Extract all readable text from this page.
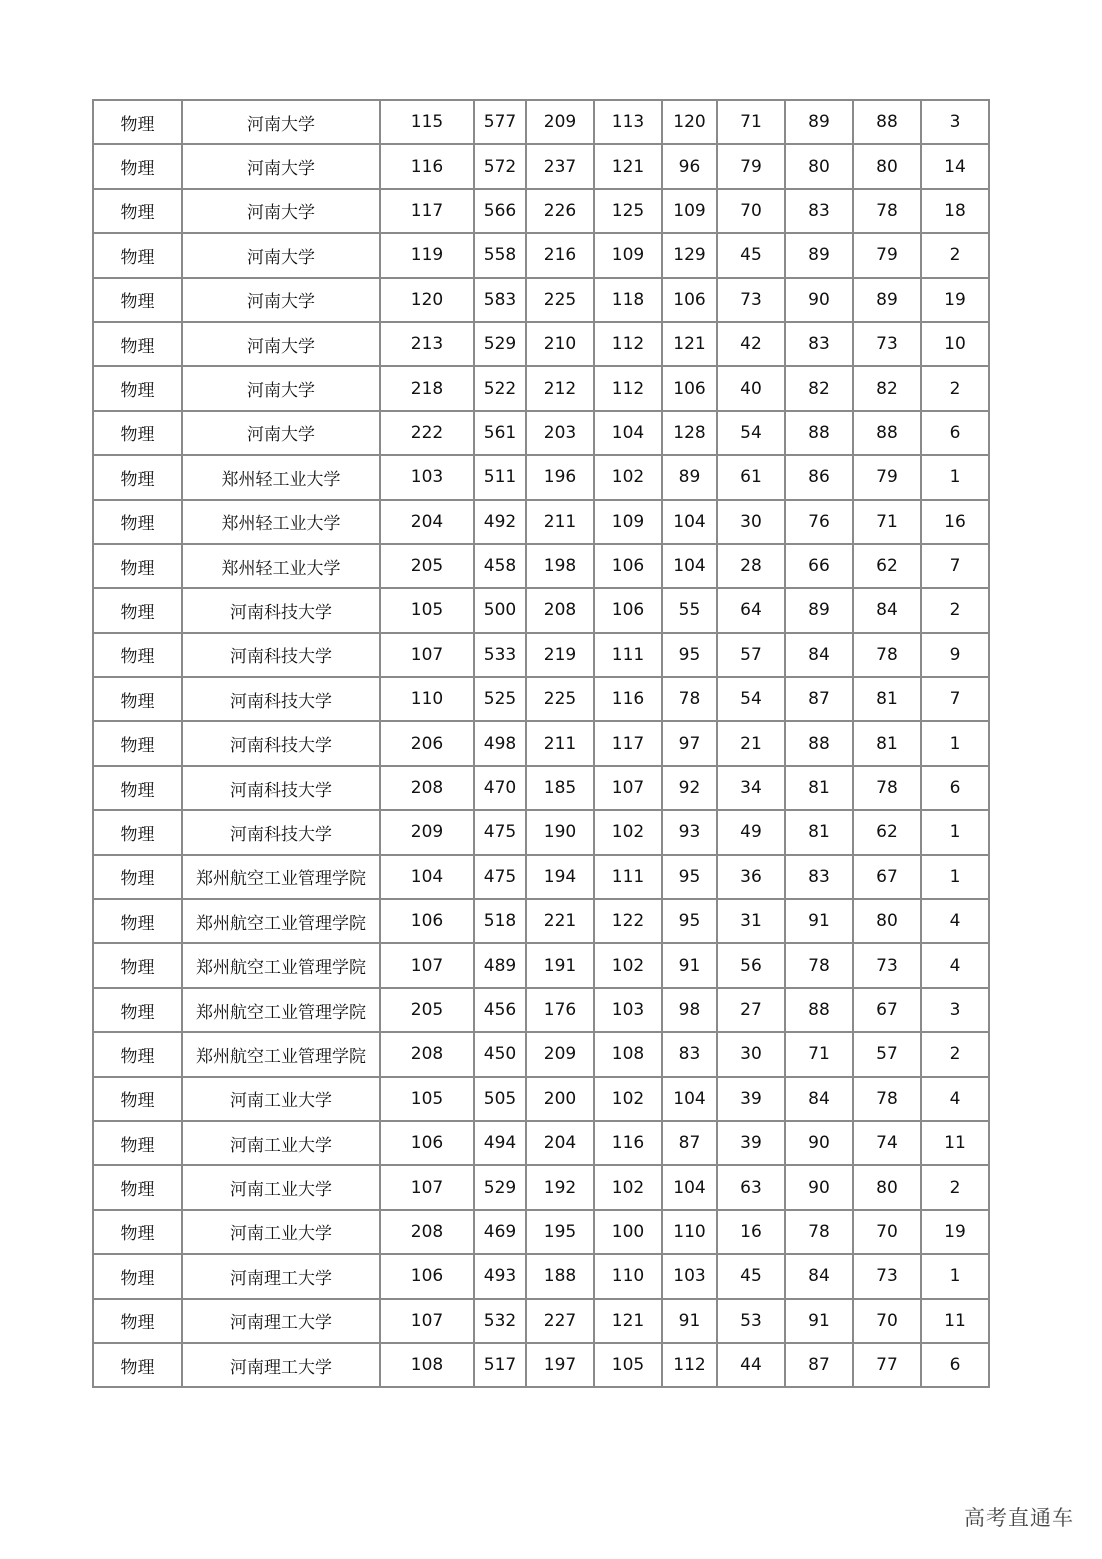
物理	河南大学	115	577	209	113	120	71	89	88	3
物理	河南大学	116	572	237	121	96	79	80	80	14
物理	河南大学	117	566	226	125	109	70	83	78	18
物理	河南大学	119	558	216	109	129	45	89	79	2
物理	河南大学	120	583	225	118	106	73	90	89	19
物理	河南大学	213	529	210	112	121	42	83	73	10
物理	河南大学	218	522	212	112	106	40	82	82	2
物理	河南大学	222	561	203	104	128	54	88	88	6
物理	郑州轻工业大学	103	511	196	102	89	61	86	79	1
物理	郑州轻工业大学	204	492	211	109	104	30	76	71	16
物理	郑州轻工业大学	205	458	198	106	104	28	66	62	7
物理	河南科技大学	105	500	208	106	55	64	89	84	2
物理	河南科技大学	107	533	219	111	95	57	84	78	9
物理	河南科技大学	110	525	225	116	78	54	87	81	7
物理	河南科技大学	206	498	211	117	97	21	88	81	1
物理	河南科技大学	208	470	185	107	92	34	81	78	6
物理	河南科技大学	209	475	190	102	93	49	81	62	1
物理	郑州航空工业管理学院	104	475	194	111	95	36	83	67	1
物理	郑州航空工业管理学院	106	518	221	122	95	31	91	80	4
物理	郑州航空工业管理学院	107	489	191	102	91	56	78	73	4
物理	郑州航空工业管理学院	205	456	176	103	98	27	88	67	3
物理	郑州航空工业管理学院	208	450	209	108	83	30	71	57	2
物理	河南工业大学	105	505	200	102	104	39	84	78	4
物理	河南工业大学	106	494	204	116	87	39	90	74	11
物理	河南工业大学	107	529	192	102	104	63	90	80	2
物理	河南工业大学	208	469	195	100	110	16	78	70	19
物理	河南理工大学	106	493	188	110	103	45	84	73	1
物理	河南理工大学	107	532	227	121	91	53	91	70	11
物理	河南理工大学	108	517	197	105	112	44	87	77	6
高考直通车
